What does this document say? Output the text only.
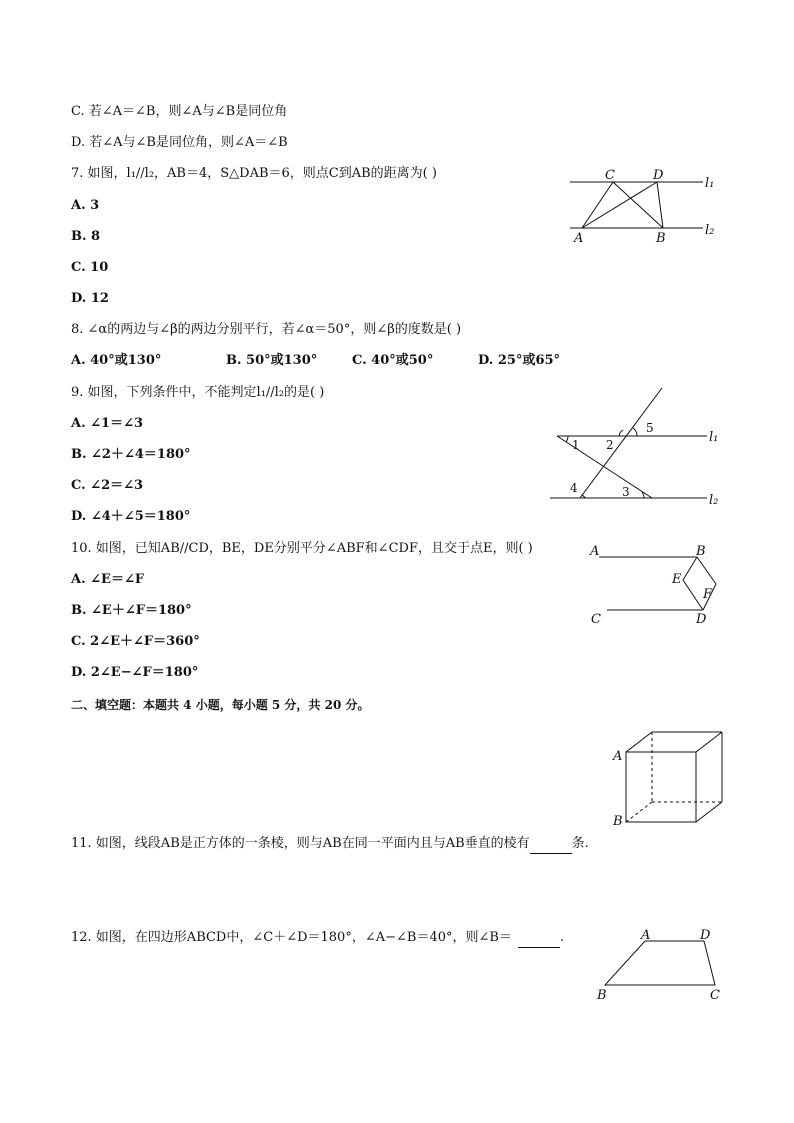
C. 若∠A＝∠B，则∠A与∠B是同位角
D. 若∠A与∠B是同位角，则∠A＝∠B
7. 如图，l₁//l₂，AB＝4，S△DAB＝6，则点C到AB的距离为( )
A. 3
B. 8
C. 10
D. 12
C	D
A	B
l₁
l₂
8. ∠α的两边与∠β的两边分别平行，若∠α＝50°，则∠β的度数是( )
A. 40°或130°	B. 50°或130°	C. 40°或50°	D. 25°或65°
9. 如图，下列条件中，不能判定l₁//l₂的是( )
A. ∠1＝∠3
B. ∠2＋∠4＝180°
C. ∠2＝∠3
D. ∠4＋∠5＝180°
1 2
5
4	3
l₁
l₂
10. 如图，已知AB//CD，BE，DE分别平分∠ABF和∠CDF，且交于点E，则( )
A. ∠E＝∠F
B. ∠E＋∠F＝180°
C. 2∠E＋∠F＝360°
D. 2∠E−∠F＝180°
A	B
E
F
C	D
二、填空题：本题共 4 小题，每小题 5 分，共 20 分。
A
B
11. 如图，线段AB是正方体的一条棱，则与AB在同一平面内且与AB垂直的棱有	条.
12. 如图，在四边形ABCD中，∠C＋∠D＝180°，∠A−∠B＝40°，则∠B＝	.	A	D
B	C
